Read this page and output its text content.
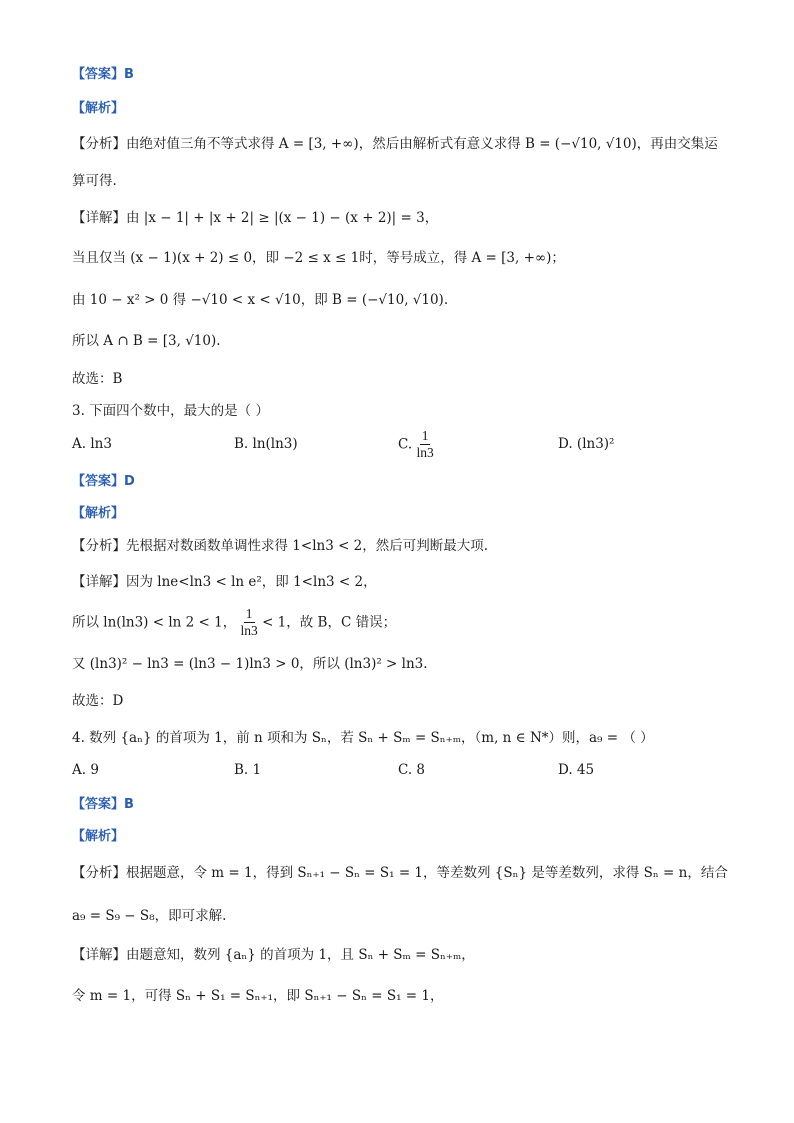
【答案】B
【解析】
【分析】由绝对值三角不等式求得 A = [3, +∞)，然后由解析式有意义求得 B = (−√10, √10)，再由交集运
算可得.
【详解】由 |x − 1| + |x + 2| ≥ |(x − 1) − (x + 2)| = 3，
当且仅当 (x − 1)(x + 2) ≤ 0，即 −2 ≤ x ≤ 1时，等号成立，得 A = [3, +∞)；
由 10 − x² > 0 得 −√10 < x < √10，即 B = (−√10, √10).
所以 A ∩ B = [3, √10).
故选：B
3. 下面四个数中，最大的是（ ）
A. ln3	B. ln(ln3)	C. $\frac{1}{\ln 3}$	D. (ln3)²
【答案】D
【解析】
【分析】先根据对数函数单调性求得 1<ln3 < 2，然后可判断最大项.
【详解】因为 lne<ln3 < ln e²，即 1<ln3 < 2，
所以 ln(ln3) < ln 2 < 1， $\frac{1}{\ln 3} < 1$，故 B，C 错误；
又 (ln3)² − ln3 = (ln3 − 1)ln3 > 0，所以 (ln3)² > ln3.
故选：D
4. 数列 {aₙ} 的首项为 1，前 n 项和为 Sₙ，若 Sₙ + Sₘ = Sₙ₊ₘ，（m, n ∈ N*）则，a₉ = （ ）
A. 9	B. 1	C. 8	D. 45
【答案】B
【解析】
【分析】根据题意，令 m = 1，得到 Sₙ₊₁ − Sₙ = S₁ = 1，等差数列 {Sₙ} 是等差数列，求得 Sₙ = n，结合
a₉ = S₉ − S₈，即可求解.
【详解】由题意知，数列 {aₙ} 的首项为 1，且 Sₙ + Sₘ = Sₙ₊ₘ，
令 m = 1，可得 Sₙ + S₁ = Sₙ₊₁，即 Sₙ₊₁ − Sₙ = S₁ = 1，
